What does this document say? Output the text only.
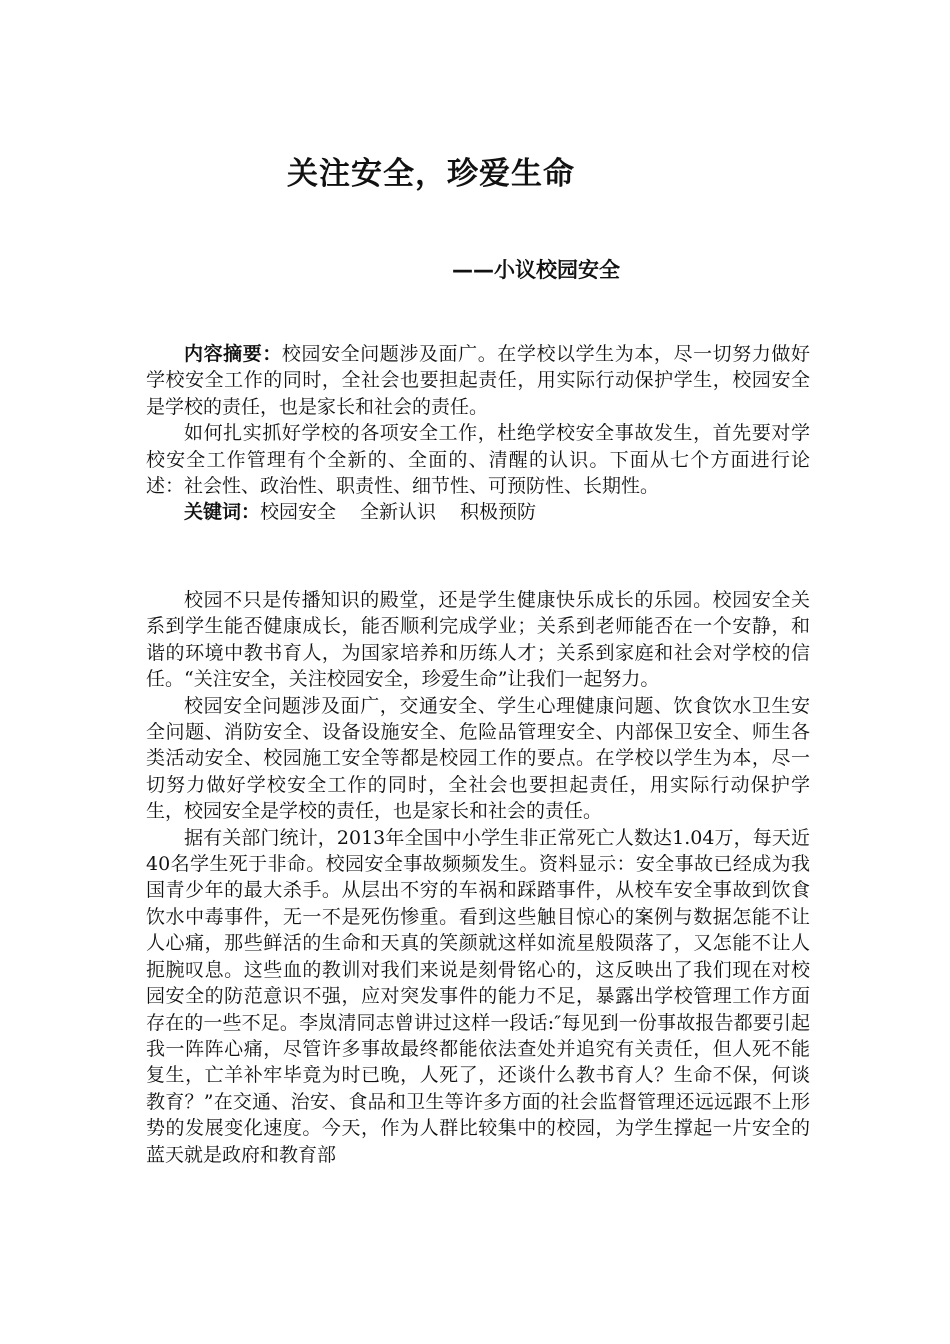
关注安全，珍爱生命
——小议校园安全

内容摘要：校园安全问题涉及面广。在学校以学生为本，尽一切努力做好学校安全工作的同时，全社会也要担起责任，用实际行动保护学生，校园安全是学校的责任，也是家长和社会的责任。

如何扎实抓好学校的各项安全工作，杜绝学校安全事故发生，首先要对学校安全工作管理有个全新的、全面的、清醒的认识。下面从七个方面进行论述：社会性、政治性、职责性、细节性、可预防性、长期性。

关键词：校园安全 全新认识 积极预防

校园不只是传播知识的殿堂，还是学生健康快乐成长的乐园。校园安全关系到学生能否健康成长，能否顺利完成学业；关系到老师能否在一个安静，和谐的环境中教书育人，为国家培养和历练人才；关系到家庭和社会对学校的信任。“关注安全，关注校园安全，珍爱生命”让我们一起努力。

校园安全问题涉及面广，交通安全、学生心理健康问题、饮食饮水卫生安全问题、消防安全、设备设施安全、危险品管理安全、内部保卫安全、师生各类活动安全、校园施工安全等都是校园工作的要点。在学校以学生为本，尽一切努力做好学校安全工作的同时，全社会也要担起责任，用实际行动保护学生，校园安全是学校的责任，也是家长和社会的责任。

据有关部门统计，2013年全国中小学生非正常死亡人数达1.04万，每天近40名学生死于非命。校园安全事故频频发生。资料显示：安全事故已经成为我国青少年的最大杀手。从层出不穷的车祸和踩踏事件，从校车安全事故到饮食饮水中毒事件，无一不是死伤惨重。看到这些触目惊心的案例与数据怎能不让人心痛，那些鲜活的生命和天真的笑颜就这样如流星般陨落了，又怎能不让人扼腕叹息。这些血的教训对我们来说是刻骨铭心的，这反映出了我们现在对校园安全的防范意识不强，应对突发事件的能力不足，暴露出学校管理工作方面存在的一些不足。李岚清同志曾讲过这样一段话:″每见到一份事故报告都要引起我一阵阵心痛，尽管许多事故最终都能依法查处并追究有关责任，但人死不能复生，亡羊补牢毕竟为时已晚，人死了，还谈什么教书育人？生命不保，何谈教育？”在交通、治安、食品和卫生等许多方面的社会监督管理还远远跟不上形势的发展变化速度。今天，作为人群比较集中的校园，为学生撑起一片安全的蓝天就是政府和教育部
